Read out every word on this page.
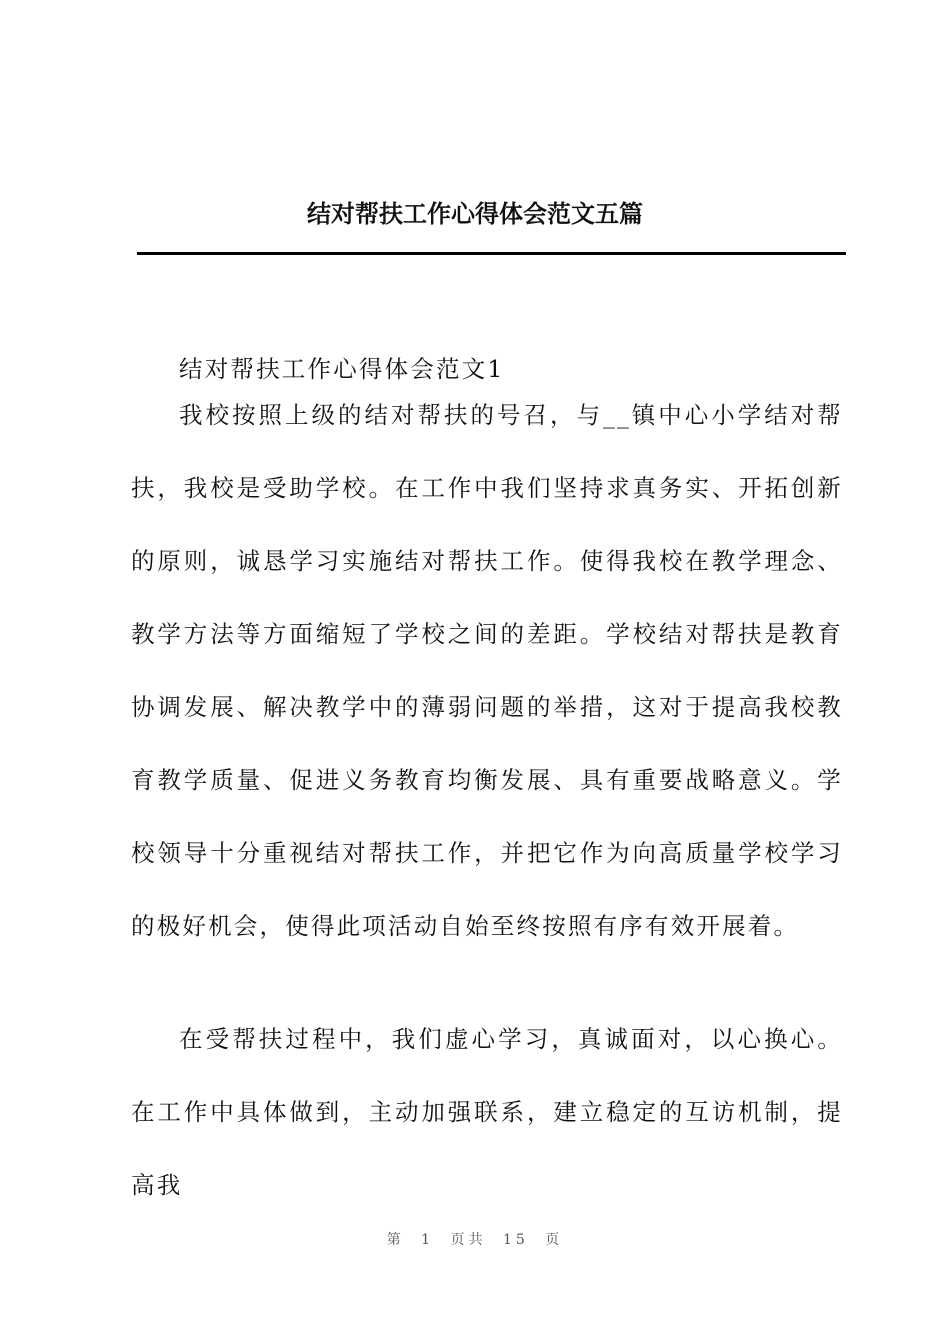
结对帮扶工作心得体会范文五篇
结对帮扶工作心得体会范文1
我校按照上级的结对帮扶的号召，与__镇中心小学结对帮扶，我校是受助学校。在工作中我们坚持求真务实、开拓创新的原则，诚恳学习实施结对帮扶工作。使得我校在教学理念、教学方法等方面缩短了学校之间的差距。学校结对帮扶是教育协调发展、解决教学中的薄弱问题的举措，这对于提高我校教育教学质量、促进义务教育均衡发展、具有重要战略意义。学校领导十分重视结对帮扶工作，并把它作为向高质量学校学习的极好机会，使得此项活动自始至终按照有序有效开展着。
在受帮扶过程中，我们虚心学习，真诚面对，以心换心。在工作中具体做到，主动加强联系，建立稳定的互访机制，提高我
第 1 页共 15 页
